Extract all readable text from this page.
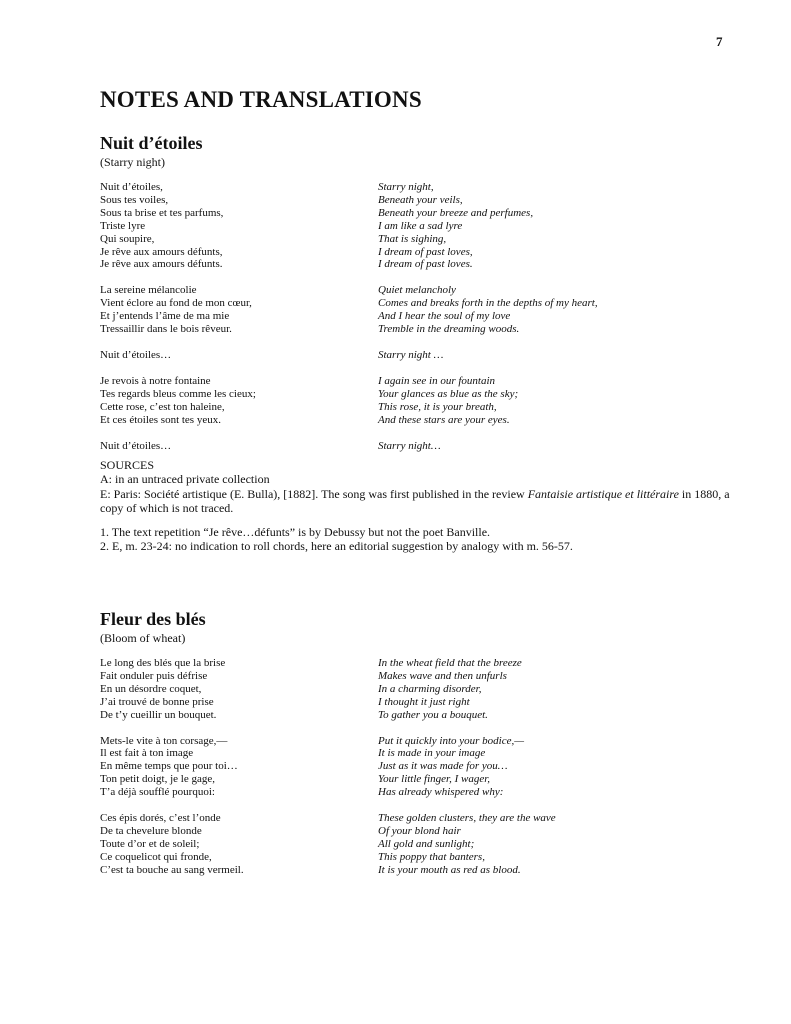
7
NOTES AND TRANSLATIONS
Nuit d’étoiles
(Starry night)
Nuit d’étoiles,
Sous tes voiles,
Sous ta brise et tes parfums,
Triste lyre
Qui soupire,
Je rêve aux amours défunts,
Je rêve aux amours défunts.
Starry night,
Beneath your veils,
Beneath your breeze and perfumes,
I am like a sad lyre
That is sighing,
I dream of past loves,
I dream of past loves.
La sereine mélancolie
Vient éclore au fond de mon cœur,
Et j’entends l’âme de ma mie
Tressaillir dans le bois rêveur.
Quiet melancholy
Comes and breaks forth in the depths of my heart,
And I hear the soul of my love
Tremble in the dreaming woods.
Nuit d’étoiles…	Starry night …
Je revois à notre fontaine
Tes regards bleus comme les cieux;
Cette rose, c’est ton haleine,
Et ces étoiles sont tes yeux.
I again see in our fountain
Your glances as blue as the sky;
This rose, it is your breath,
And these stars are your eyes.
Nuit d’étoiles…	Starry night…

SOURCES

A: in an untraced private collection

E: Paris: Société artistique (E. Bulla), [1882]. The song was first published in the review Fantaisie artistique et littéraire in 1880, a copy of which is not traced.

1. The text repetition “Je rêve…défunts” is by Debussy but not the poet Banville.

2. E, m. 23-24: no indication to roll chords, here an editorial suggestion by analogy with m. 56-57.

Fleur des blés
(Bloom of wheat)
Le long des blés que la brise
Fait onduler puis défrise
En un désordre coquet,
J’ai trouvé de bonne prise
De t’y cueillir un bouquet.
In the wheat field that the breeze
Makes wave and then unfurls
In a charming disorder,
I thought it just right
To gather you a bouquet.
Mets-le vite à ton corsage,—
Il est fait à ton image
En même temps que pour toi…
Ton petit doigt, je le gage,
T’a déjà soufflé pourquoi:
Put it quickly into your bodice,—
It is made in your image
Just as it was made for you…
Your little finger, I wager,
Has already whispered why:
Ces épis dorés, c’est l’onde
De ta chevelure blonde
Toute d’or et de soleil;
Ce coquelicot qui fronde,
C’est ta bouche au sang vermeil.
These golden clusters, they are the wave
Of your blond hair
All gold and sunlight;
This poppy that banters,
It is your mouth as red as blood.
